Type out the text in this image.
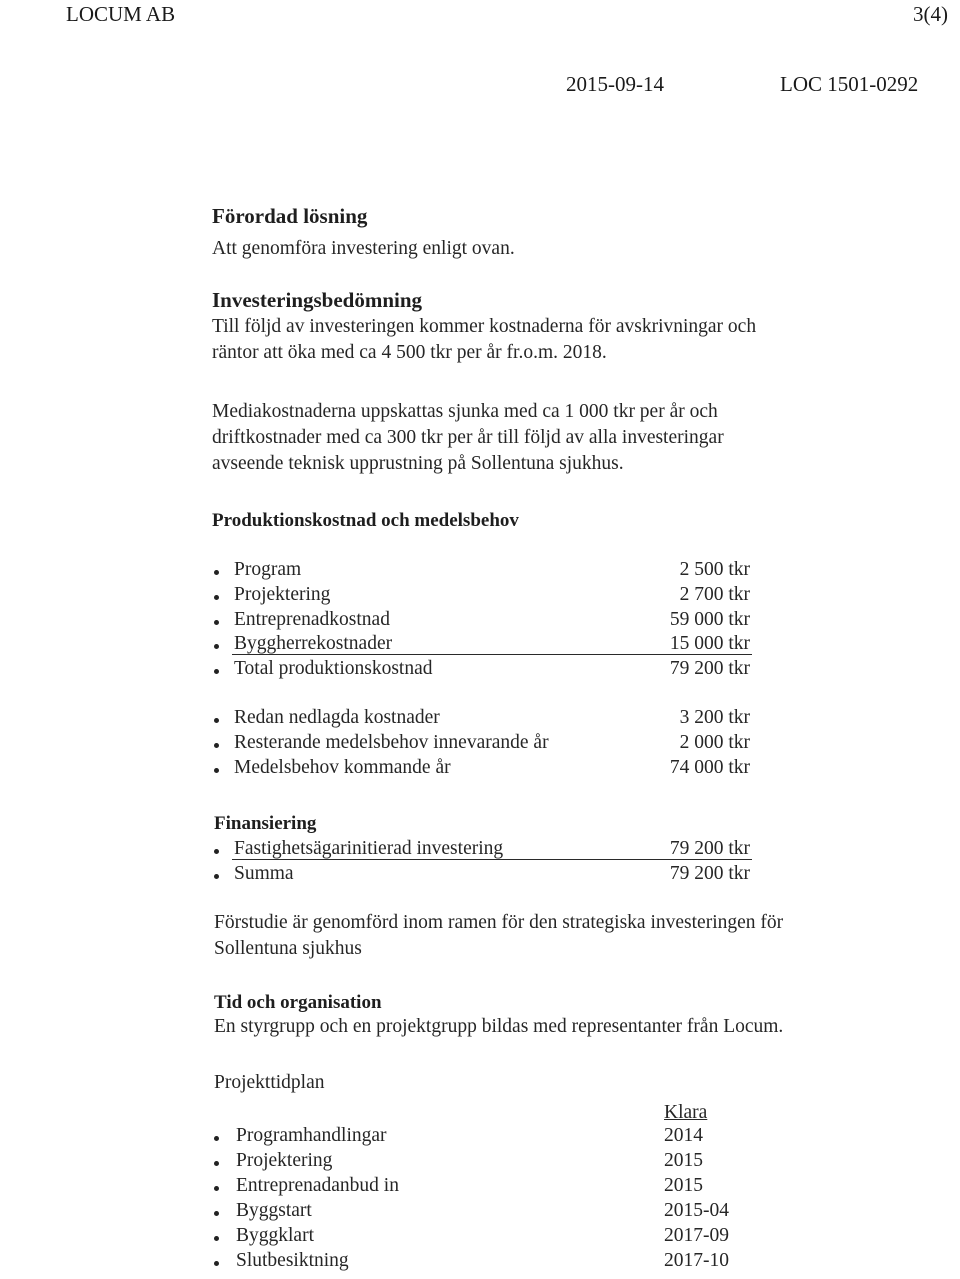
LOCUM AB	3(4)
2015-09-14	LOC 1501-0292
Förordad lösning
Att genomföra investering enligt ovan.
Investeringsbedömning
Till följd av investeringen kommer kostnaderna för avskrivningar och
räntor att öka med ca 4 500 tkr per år fr.o.m. 2018.
Mediakostnaderna uppskattas sjunka med ca 1 000 tkr per år och
driftkostnader med ca 300 tkr per år till följd av alla investeringar
avseende teknisk upprustning på Sollentuna sjukhus.
Produktionskostnad och medelsbehov
Program	2 500 tkr
Projektering	2 700 tkr
Entreprenadkostnad	59 000 tkr
Byggherrekostnader	15 000 tkr
Total produktionskostnad	79 200 tkr
Redan nedlagda kostnader	3 200 tkr
Resterande medelsbehov innevarande år	2 000 tkr
Medelsbehov kommande år	74 000 tkr
Finansiering
Fastighetsägarinitierad investering	79 200 tkr
Summa	79 200 tkr
Förstudie är genomförd inom ramen för den strategiska investeringen för
Sollentuna sjukhus
Tid och organisation
En styrgrupp och en projektgrupp bildas med representanter från Locum.
Projekttidplan
Klara
Programhandlingar	2014
Projektering	2015
Entreprenadanbud in	2015
Byggstart	2015-04
Byggklart	2017-09
Slutbesiktning	2017-10
